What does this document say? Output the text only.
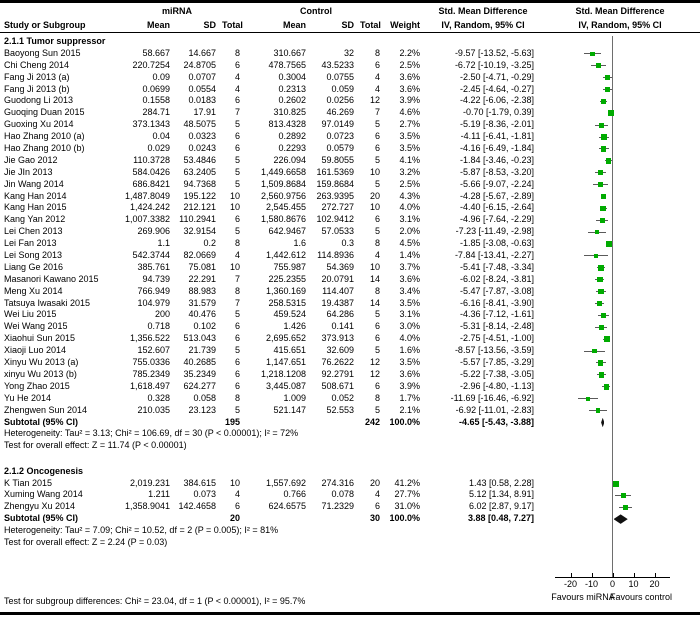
miRNA	Control	Std. Mean Difference	Std. Mean Difference
Study or Subgroup	Mean	SD Total	Mean	SD Total	Weight	IV, Random, 95% CI	IV, Random, 95% CI
2.1.1 Tumor suppressor
Baoyong Sun 2015	58.667	14.667	8	310.667	32	8	2.2%	-9.57 [-13.52, -5.63]
Chi Cheng 2014	220.7254	24.8705	6	478.7565	43.5233	6	2.5%	-6.72 [-10.19, -3.25]
Fang Ji 2013 (a)	0.09	0.0707	4	0.3004	0.0755	4	3.6%	-2.50 [-4.71, -0.29]
Fang Ji 2013 (b)	0.0699	0.0554	4	0.2313	0.059	4	3.6%	-2.45 [-4.64, -0.27]
Guodong Li 2013	0.1558	0.0183	6	0.2602	0.0256	12	3.9%	-4.22 [-6.06, -2.38]
Guoqing Duan 2015	284.71	17.91	7	310.825	46.269	7	4.6%	-0.70 [-1.79, 0.39]
Guoxing Xu 2014	373.1343	48.5075	5	813.4328	97.0149	5	2.7%	-5.19 [-8.36, -2.01]
Hao Zhang 2010 (a)	0.04	0.0323	6	0.2892	0.0723	6	3.5%	-4.11 [-6.41, -1.81]
Hao Zhang 2010 (b)	0.029	0.0243	6	0.2293	0.0579	6	3.5%	-4.16 [-6.49, -1.84]
Jie Gao 2012	110.3728	53.4846	5	226.094	59.8055	5	4.1%	-1.84 [-3.46, -0.23]
Jie JIn 2013	584.0426	63.2405	5	1,449.6658	161.5369	10	3.2%	-5.87 [-8.53, -3.20]
Jin Wang 2014	686.8421	94.7368	5	1,509.8684	159.8684	5	2.5%	-5.66 [-9.07, -2.24]
Kang Han 2014	1,487.8049	195.122	10	2,560.9756	263.9395	20	4.3%	-4.28 [-5.67, -2.89]
Kang Han 2015	1,424.242	212.121	10	2,545.455	272.727	10	4.0%	-4.40 [-6.15, -2.64]
Kang Yan 2012	1,007.3382	110.2941	6	1,580.8676	102.9412	6	3.1%	-4.96 [-7.64, -2.29]
Lei Chen 2013	269.906	32.9154	5	642.9467	57.0533	5	2.0%	-7.23 [-11.49, -2.98]
Lei Fan 2013	1.1	0.2	8	1.6	0.3	8	4.5%	-1.85 [-3.08, -0.63]
Lei Song 2013	542.3744	82.0669	4	1,442.612	114.8936	4	1.4%	-7.84 [-13.41, -2.27]
Liang Ge 2016	385.761	75.081	10	755.987	54.369	10	3.7%	-5.41 [-7.48, -3.34]
Masanori Kawano 2015	94.739	22.291	7	225.2355	20.0791	14	3.6%	-6.02 [-8.24, -3.81]
Meng Xu 2014	766.949	88.983	8	1,360.169	114.407	8	3.4%	-5.47 [-7.87, -3.08]
Tatsuya Iwasaki 2015	104.979	31.579	7	258.5315	19.4387	14	3.5%	-6.16 [-8.41, -3.90]
Wei Liu 2015	200	40.476	5	459.524	64.286	5	3.1%	-4.36 [-7.12, -1.61]
Wei Wang 2015	0.718	0.102	6	1.426	0.141	6	3.0%	-5.31 [-8.14, -2.48]
Xiaohui Sun 2015	1,356.522	513.043	6	2,695.652	373.913	6	4.0%	-2.75 [-4.51, -1.00]
Xiaoji Luo 2014	152.607	21.739	5	415.651	32.609	5	1.6%	-8.57 [-13.56, -3.59]
Xinyu Wu 2013 (a)	755.0336	40.2685	6	1,147.651	76.2622	12	3.5%	-5.57 [-7.85, -3.29]
xinyu Wu 2013 (b)	785.2349	35.2349	6	1,218.1208	92.2791	12	3.6%	-5.22 [-7.38, -3.05]
Yong Zhao 2015	1,618.497	624.277	6	3,445.087	508.671	6	3.9%	-2.96 [-4.80, -1.13]
Yu He 2014	0.328	0.058	8	1.009	0.052	8	1.7%	-11.69 [-16.46, -6.92]
Zhengwen Sun 2014	210.035	23.123	5	521.147	52.553	5	2.1%	-6.92 [-11.01, -2.83]
Subtotal (95% CI)	195	242	100.0%	-4.65 [-5.43, -3.88]
Heterogeneity: Tau² = 3.13; Chi² = 106.69, df = 30 (P < 0.00001); I² = 72%
Test for overall effect: Z = 11.74 (P < 0.00001)
2.1.2 Oncogenesis
K Tian 2015	2,019.231	384.615	10	1,557.692	274.316	20	41.2%	1.43 [0.58, 2.28]
Xuming Wang 2014	1.211	0.073	4	0.766	0.078	4	27.7%	5.12 [1.34, 8.91]
Zhengyu Xu 2014	1,358.9041 142.4658	6	624.6575	71.2329	6	31.0%	6.02 [2.87, 9.17]
Subtotal (95% CI)	20	30	100.0%	3.88 [0.48, 7.27]
Heterogeneity: Tau² = 7.09; Chi² = 10.52, df = 2 (P = 0.005); I² = 81%
Test for overall effect: Z = 2.24 (P = 0.03)
Favours miRNA
Favours control
-20 -10	0	10	20
Test for subgroup differences: Chi² = 23.04, df = 1 (P < 0.00001), I² = 95.7%
